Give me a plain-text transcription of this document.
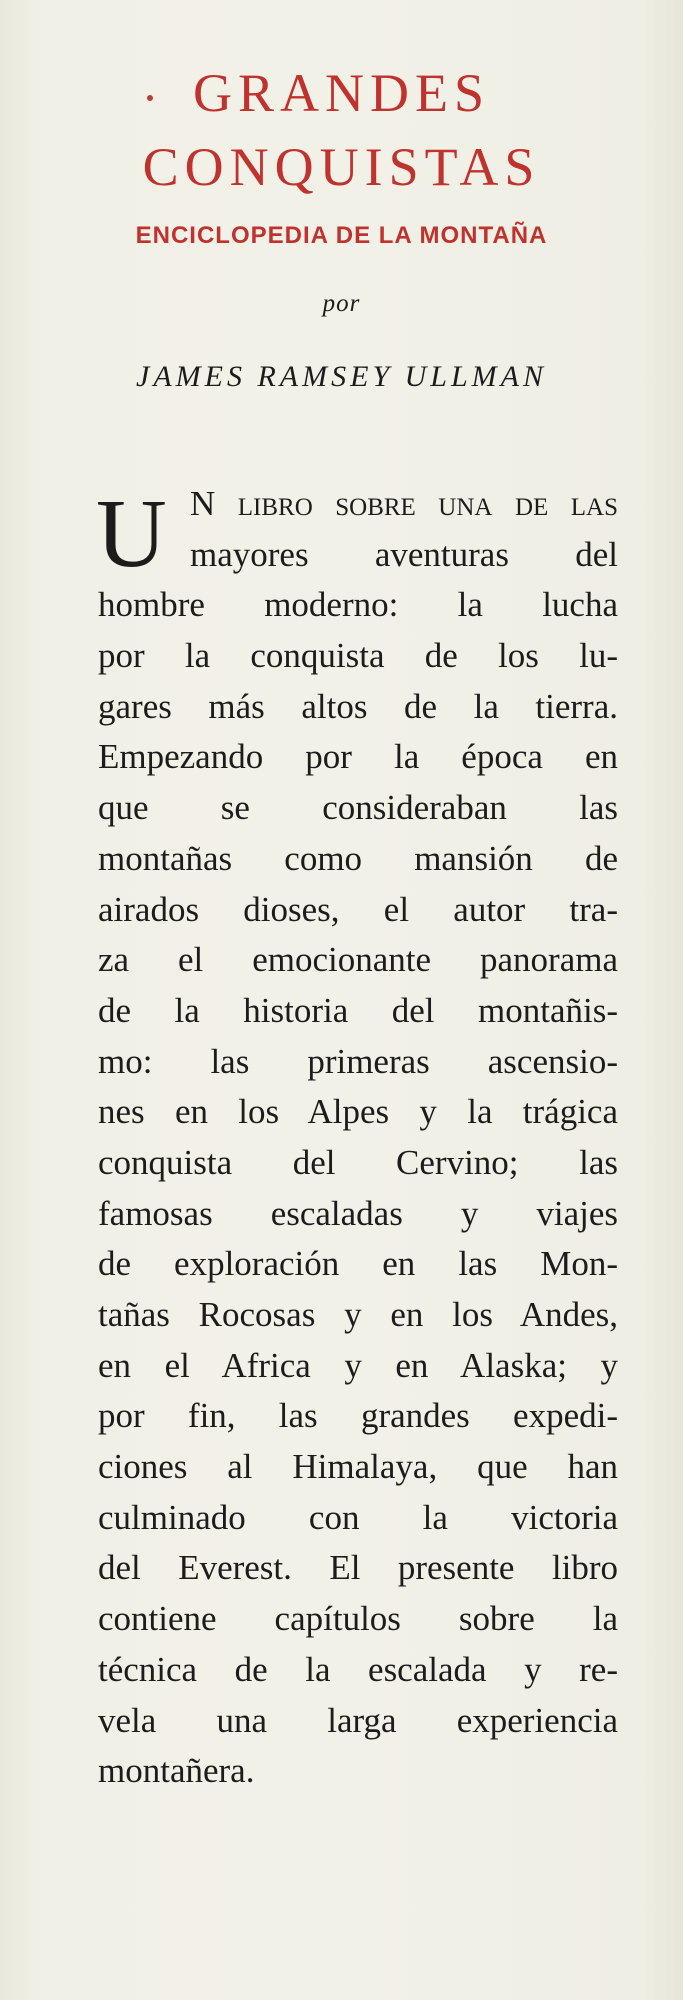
GRANDES
CONQUISTAS
ENCICLOPEDIA DE LA MONTAÑA
por
JAMES RAMSEY ULLMAN
U N libro sobre una de las
mayores aventuras del
hombre moderno: la lucha
por la conquista de los lu-
gares más altos de la tierra.
Empezando por la época en
que se consideraban las
montañas como mansión de
airados dioses, el autor tra-
za el emocionante panorama
de la historia del montañis-
mo: las primeras ascensio-
nes en los Alpes y la trágica
conquista del Cervino; las
famosas escaladas y viajes
de exploración en las Mon-
tañas Rocosas y en los Andes,
en el Africa y en Alaska; y
por fin, las grandes expedi-
ciones al Himalaya, que han
culminado con la victoria
del Everest. El presente libro
contiene capítulos sobre la
técnica de la escalada y re-
vela una larga experiencia
montañera.
